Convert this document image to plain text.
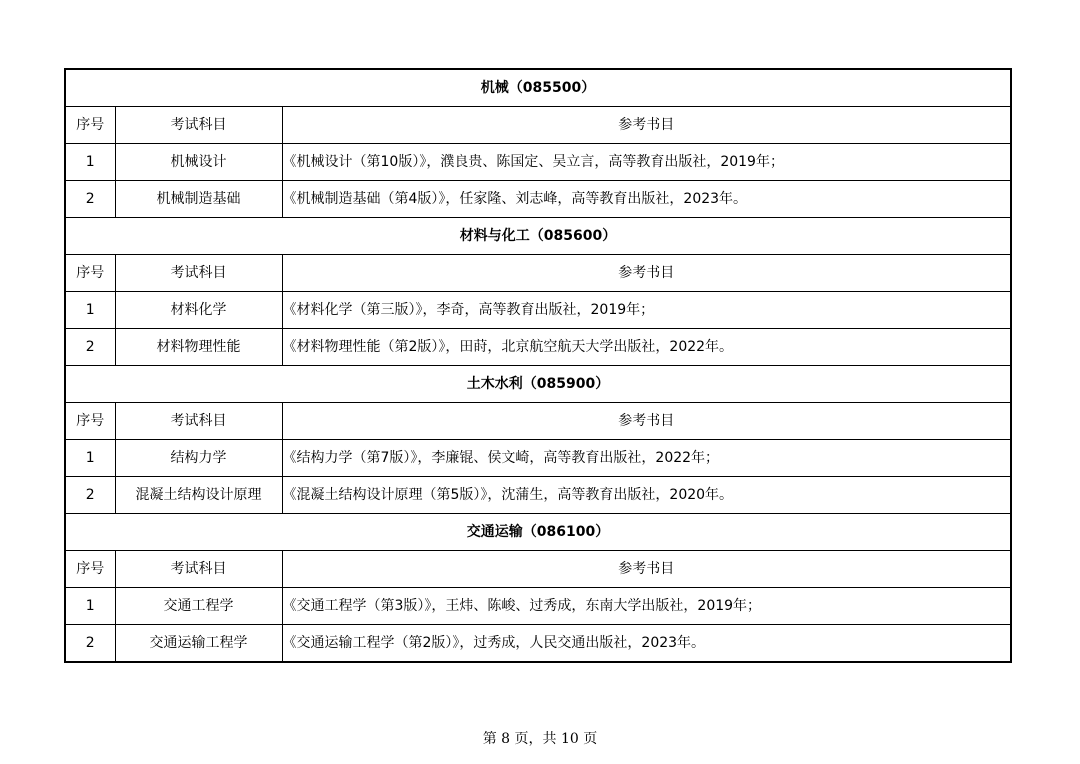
机械（085500）		
序号	考试科目	参考书目
1	机械设计	《机械设计（第10版）》，濮良贵、陈国定、吴立言，高等教育出版社，2019年；
2	机械制造基础	《机械制造基础（第4版）》，任家隆、刘志峰，高等教育出版社，2023年。
材料与化工（085600）		
序号	考试科目	参考书目
1	材料化学	《材料化学（第三版）》，李奇，高等教育出版社，2019年；
2	材料物理性能	《材料物理性能（第2版）》，田莳，北京航空航天大学出版社，2022年。
土木水利（085900）		
序号	考试科目	参考书目
1	结构力学	《结构力学（第7版）》，李廉锟、侯文崎，高等教育出版社，2022年；
2	混凝土结构设计原理	《混凝土结构设计原理（第5版）》，沈蒲生，高等教育出版社，2020年。
交通运输（086100）		
序号	考试科目	参考书目
1	交通工程学	《交通工程学（第3版）》，王炜、陈峻、过秀成，东南大学出版社，2019年；
2	交通运输工程学	《交通运输工程学（第2版）》，过秀成，人民交通出版社，2023年。
第 8 页，共 10 页
